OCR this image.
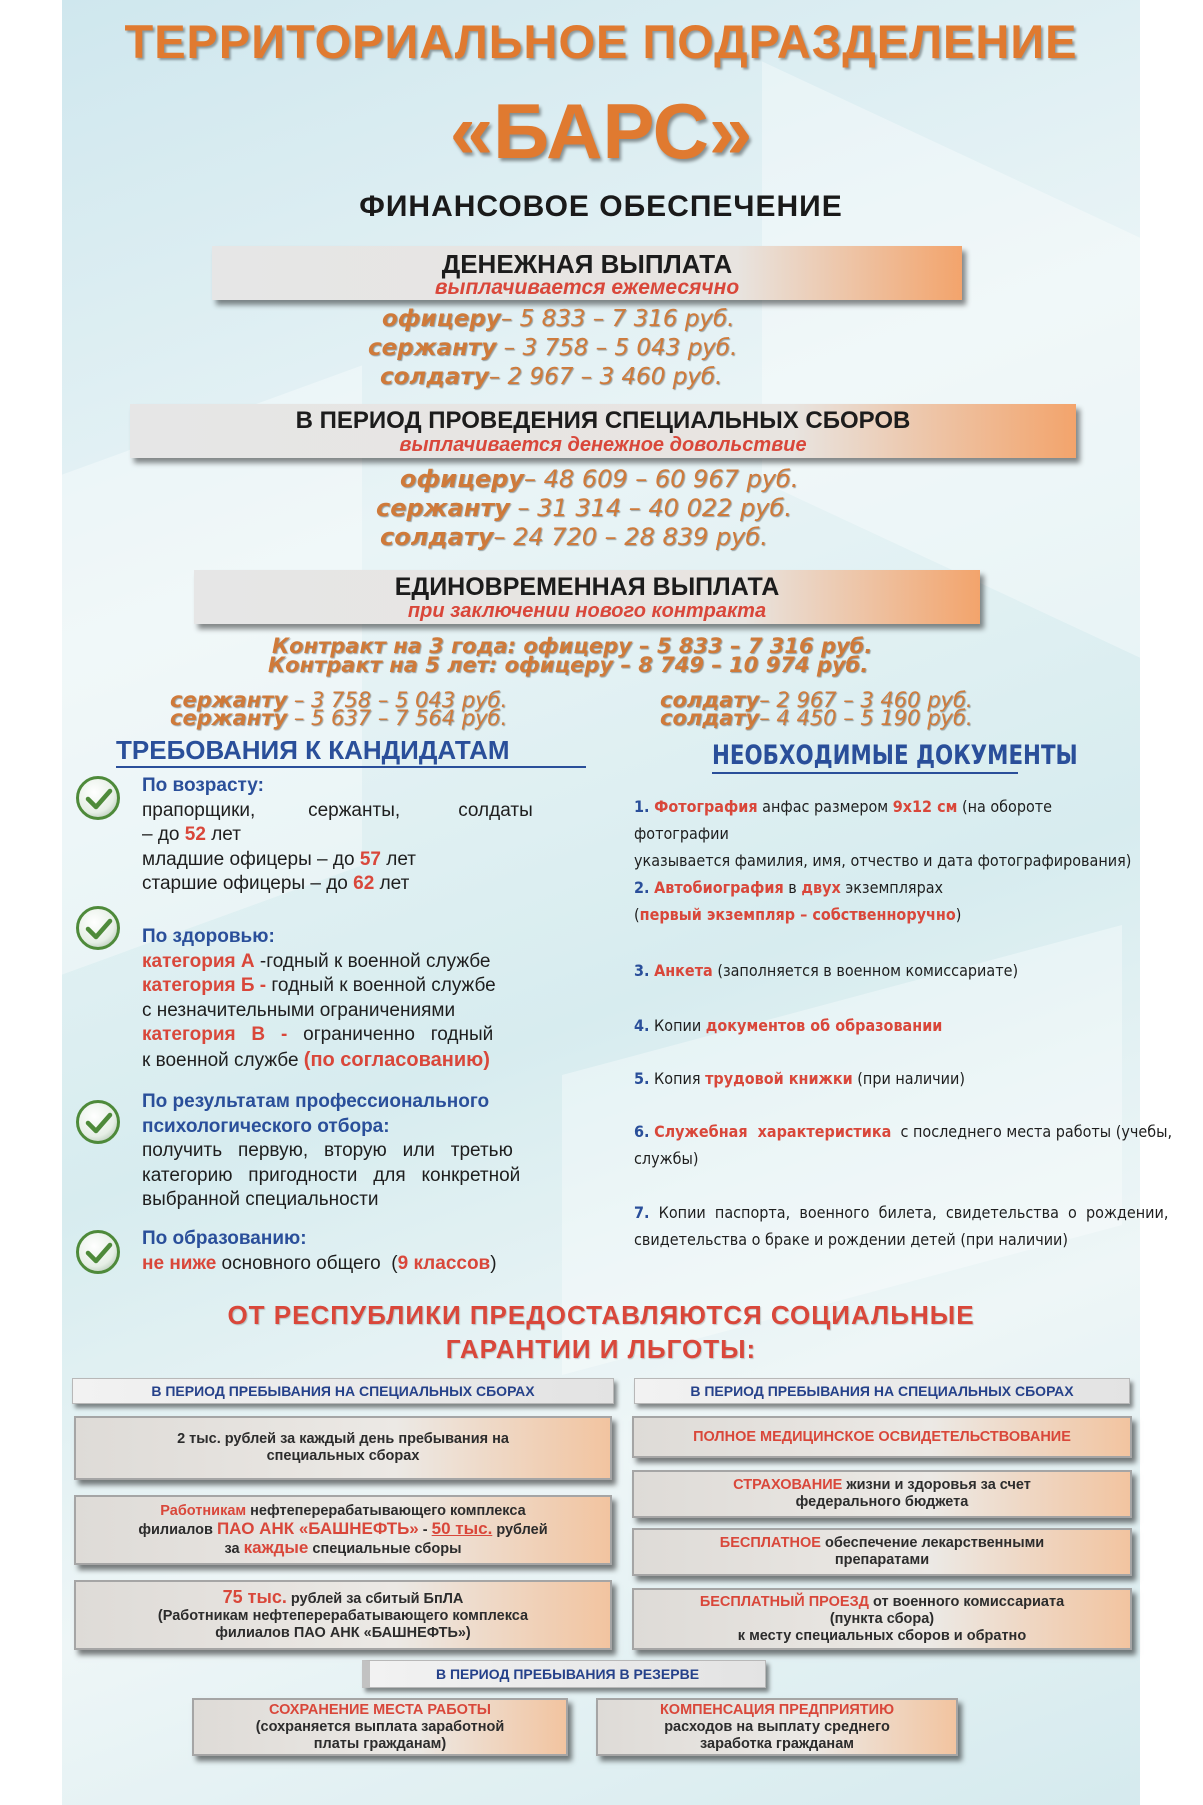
ТЕРРИТОРИАЛЬНОЕ ПОДРАЗДЕЛЕНИЕ
«БАРС»
ФИНАНСОВОЕ ОБЕСПЕЧЕНИЕ
ДЕНЕЖНАЯ ВЫПЛАТА
выплачивается ежемесячно
офицеру– 5 833 – 7 316 руб.
сержанту – 3 758 – 5 043 руб.
солдату– 2 967 – 3 460 руб.
В ПЕРИОД ПРОВЕДЕНИЯ СПЕЦИАЛЬНЫХ СБОРОВ
выплачивается денежное довольствие
офицеру– 48 609 – 60 967 руб.
сержанту – 31 314 – 40 022 руб.
солдату– 24 720 – 28 839 руб.
ЕДИНОВРЕМЕННАЯ ВЫПЛАТА
при заключении нового контракта
Контракт на 3 года: офицеру – 5 833 – 7 316 руб.
Контракт на 5 лет: офицеру – 8 749 – 10 974 руб.
сержанту – 3 758 – 5 043 руб.
сержанту – 5 637 – 7 564 руб.
солдату– 2 967 – 3 460 руб.
солдату– 4 450 – 5 190 руб.
ТРЕБОВАНИЯ К КАНДИДАТАМ	НЕОБХОДИМЫЕ ДОКУМЕНТЫ
По возрасту:
прапорщики,          сержанты,           солдаты
– до 52 лет
младшие офицеры – до 57 лет
старшие офицеры – до 62 лет
По здоровью:
категория А -годный к военной службе
категория Б - годный к военной службе
с незначительными ограничениями
категория   В   -   ограниченно   годный
к военной службе (по согласованию)
По результатам профессионального
психологического отбора:
получить   первую,   вторую   или   третью
категорию   пригодности   для   конкретной
выбранной специальности
По образованию:
не ниже основного общего  (9 классов)
1. Фотография анфас размером 9x12 см (на обороте фотографии
указывается фамилия, имя, отчество и дата фотографирования)
2. Автобиография в двух экземплярах
(первый экземпляр – собственноручно)
3. Анкета (заполняется в военном комиссариате)
4. Копии документов об образовании
5. Копия трудовой книжки (при наличии)
6. Служебная  характеристика  с последнего места работы (учебы,
службы)
7.  Копии  паспорта,  военного  билета,  свидетельства  о  рождении,
свидетельства о браке и рождении детей (при наличии)
ОТ РЕСПУБЛИКИ ПРЕДОСТАВЛЯЮТСЯ СОЦИАЛЬНЫЕ
ГАРАНТИИ И ЛЬГОТЫ:
В ПЕРИОД ПРЕБЫВАНИЯ НА СПЕЦИАЛЬНЫХ СБОРАХ	В ПЕРИОД ПРЕБЫВАНИЯ НА СПЕЦИАЛЬНЫХ СБОРАХ
2 тыс. рублей за каждый день пребывания на
специальных сборах
Работникам нефтеперерабатывающего комплекса
филиалов ПАО АНК «БАШНЕФТЬ» - 50 тыс. рублей
за каждые специальные сборы
75 тыс. рублей за сбитый БпЛА
(Работникам нефтеперерабатывающего комплекса
филиалов ПАО АНК «БАШНЕФТЬ»)
ПОЛНОЕ МЕДИЦИНСКОЕ ОСВИДЕТЕЛЬСТВОВАНИЕ
СТРАХОВАНИЕ жизни и здоровья за счет
федерального бюджета
БЕСПЛАТНОЕ обеспечение лекарственными
препаратами
БЕСПЛАТНЫЙ ПРОЕЗД от военного комиссариата
(пункта сбора)
к месту специальных сборов и обратно
В ПЕРИОД ПРЕБЫВАНИЯ В РЕЗЕРВЕ
СОХРАНЕНИЕ МЕСТА РАБОТЫ
(сохраняется выплата заработной
платы гражданам)
КОМПЕНСАЦИЯ ПРЕДПРИЯТИЮ
расходов на выплату среднего
заработка гражданам
